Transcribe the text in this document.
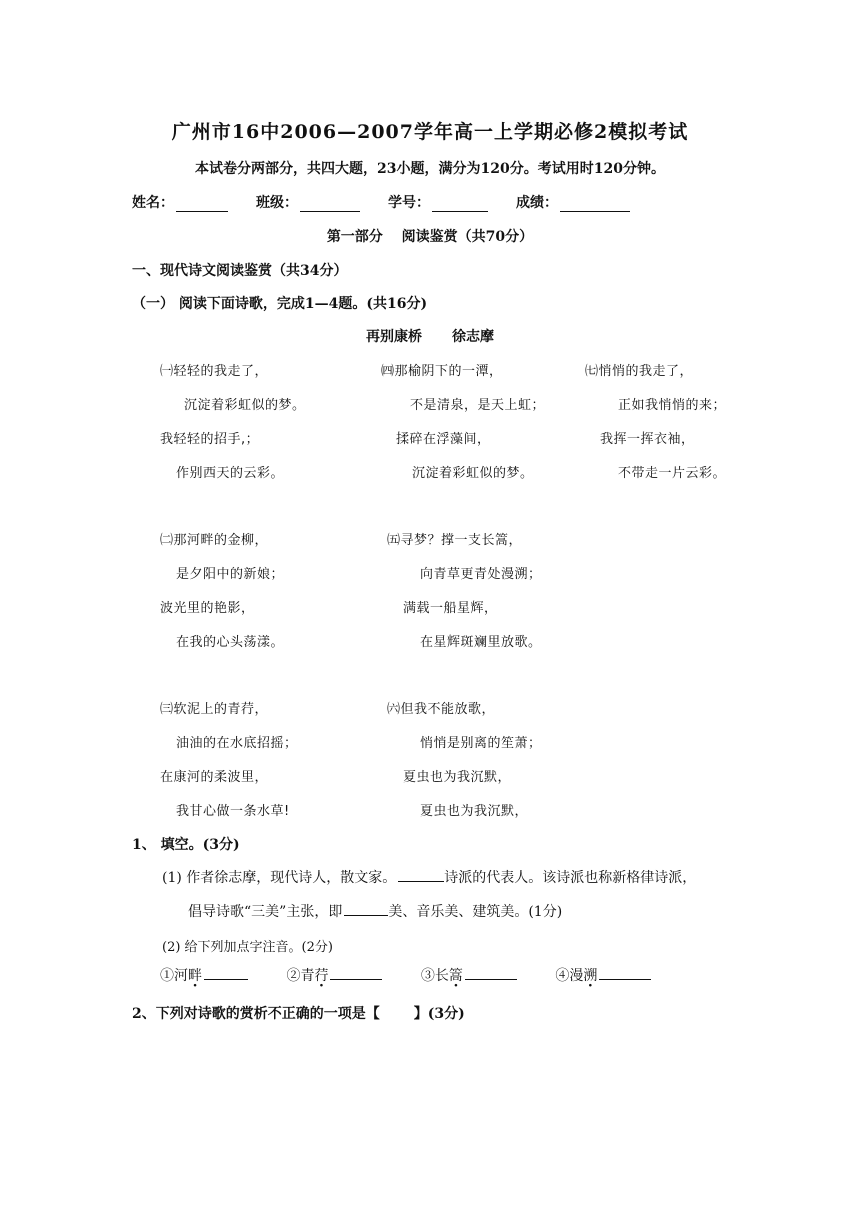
广州市16中2006—2007学年高一上学期必修2模拟考试
本试卷分两部分，共四大题，23小题，满分为120分。考试用时120分钟。
姓名：	班级：	学号：	成绩：
第一部分　 阅读鉴赏（共70分）
一、现代诗文阅读鉴赏（共34分）
（一） 阅读下面诗歌，完成1—4题。(共16分)
再别康桥 徐志摩
㈠轻轻的我走了，
沉淀着彩虹似的梦。
我轻轻的招手,；
作别西天的云彩。
㈣那榆阴下的一潭，
不是清泉，是天上虹；
揉碎在浮藻间，
沉淀着彩虹似的梦。
㈦悄悄的我走了，
正如我悄悄的来；
我挥一挥衣袖，
不带走一片云彩。
㈡那河畔的金柳，
是夕阳中的新娘；
波光里的艳影，
在我的心头荡漾。
㈤寻梦？撑一支长篙，
向青草更青处漫溯；
满载一船星辉，
在星辉斑斓里放歌。
㈢软泥上的青荇，
油油的在水底招摇；
在康河的柔波里，
我甘心做一条水草!
㈥但我不能放歌，
悄悄是别离的笙萧；
夏虫也为我沉默，
夏虫也为我沉默，
1、 填空。(3分)
(1) 作者徐志摩，现代诗人，散文家。	诗派的代表人。该诗派也称新格律诗派，
倡导诗歌“三美”主张，即	美、音乐美、建筑美。(1分)
(2) 给下列加点字注音。(2分)
①河畔	②青荇	③长篙	④漫溯
2、下列对诗歌的赏析不正确的一项是【 】(3分)
